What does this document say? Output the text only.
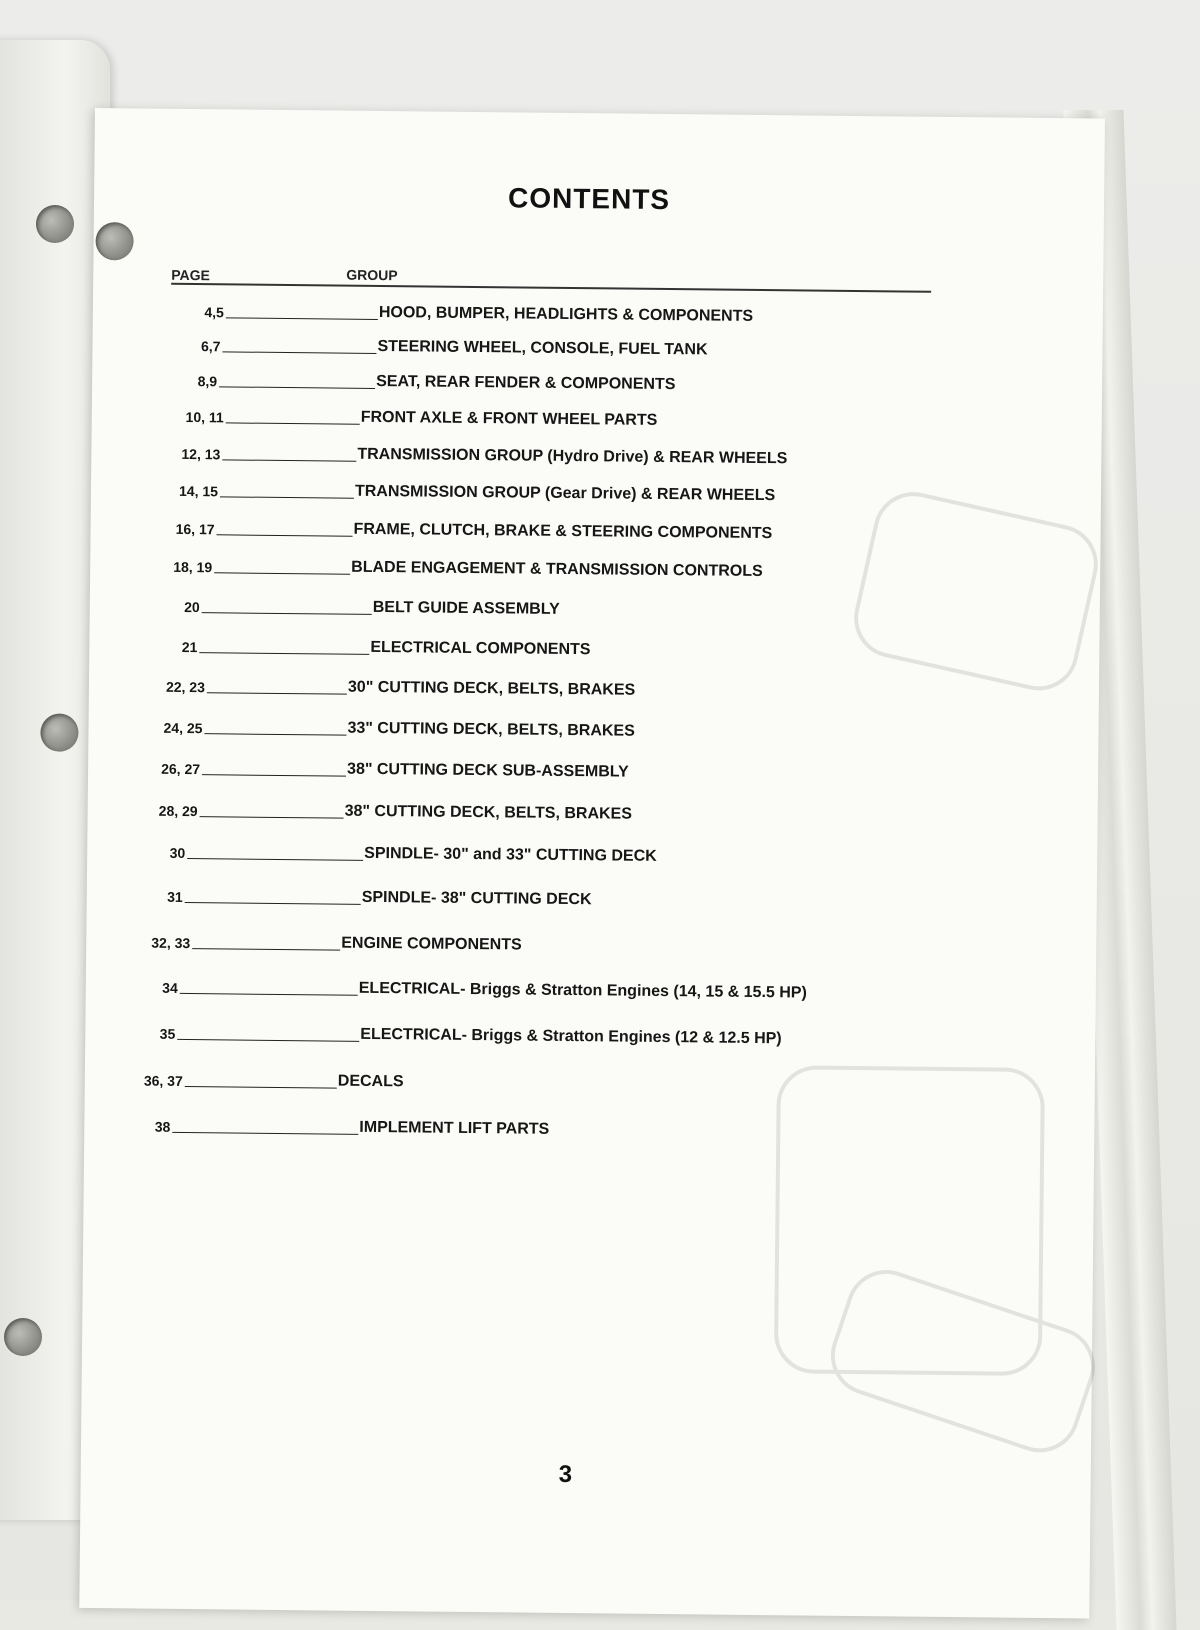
CONTENTS
PAGE	GROUP
4,5	HOOD, BUMPER, HEADLIGHTS & COMPONENTS
6,7	STEERING WHEEL, CONSOLE, FUEL TANK
8,9	SEAT, REAR FENDER & COMPONENTS
10, 11	FRONT AXLE & FRONT WHEEL PARTS
12, 13	TRANSMISSION GROUP (Hydro Drive) & REAR WHEELS
14, 15	TRANSMISSION GROUP (Gear Drive) & REAR WHEELS
16, 17	FRAME, CLUTCH, BRAKE & STEERING COMPONENTS
18, 19	BLADE ENGAGEMENT & TRANSMISSION CONTROLS
20	BELT GUIDE ASSEMBLY
21	ELECTRICAL COMPONENTS
22, 23	30" CUTTING DECK, BELTS, BRAKES
24, 25	33" CUTTING DECK, BELTS, BRAKES
26, 27	38" CUTTING DECK SUB-ASSEMBLY
28, 29	38" CUTTING DECK, BELTS, BRAKES
30	SPINDLE- 30" and 33" CUTTING DECK
31	SPINDLE- 38" CUTTING DECK
32, 33	ENGINE COMPONENTS
34	ELECTRICAL- Briggs & Stratton Engines (14, 15 & 15.5 HP)
35	ELECTRICAL- Briggs & Stratton Engines (12 & 12.5 HP)
36, 37	DECALS
38	IMPLEMENT LIFT PARTS
3
